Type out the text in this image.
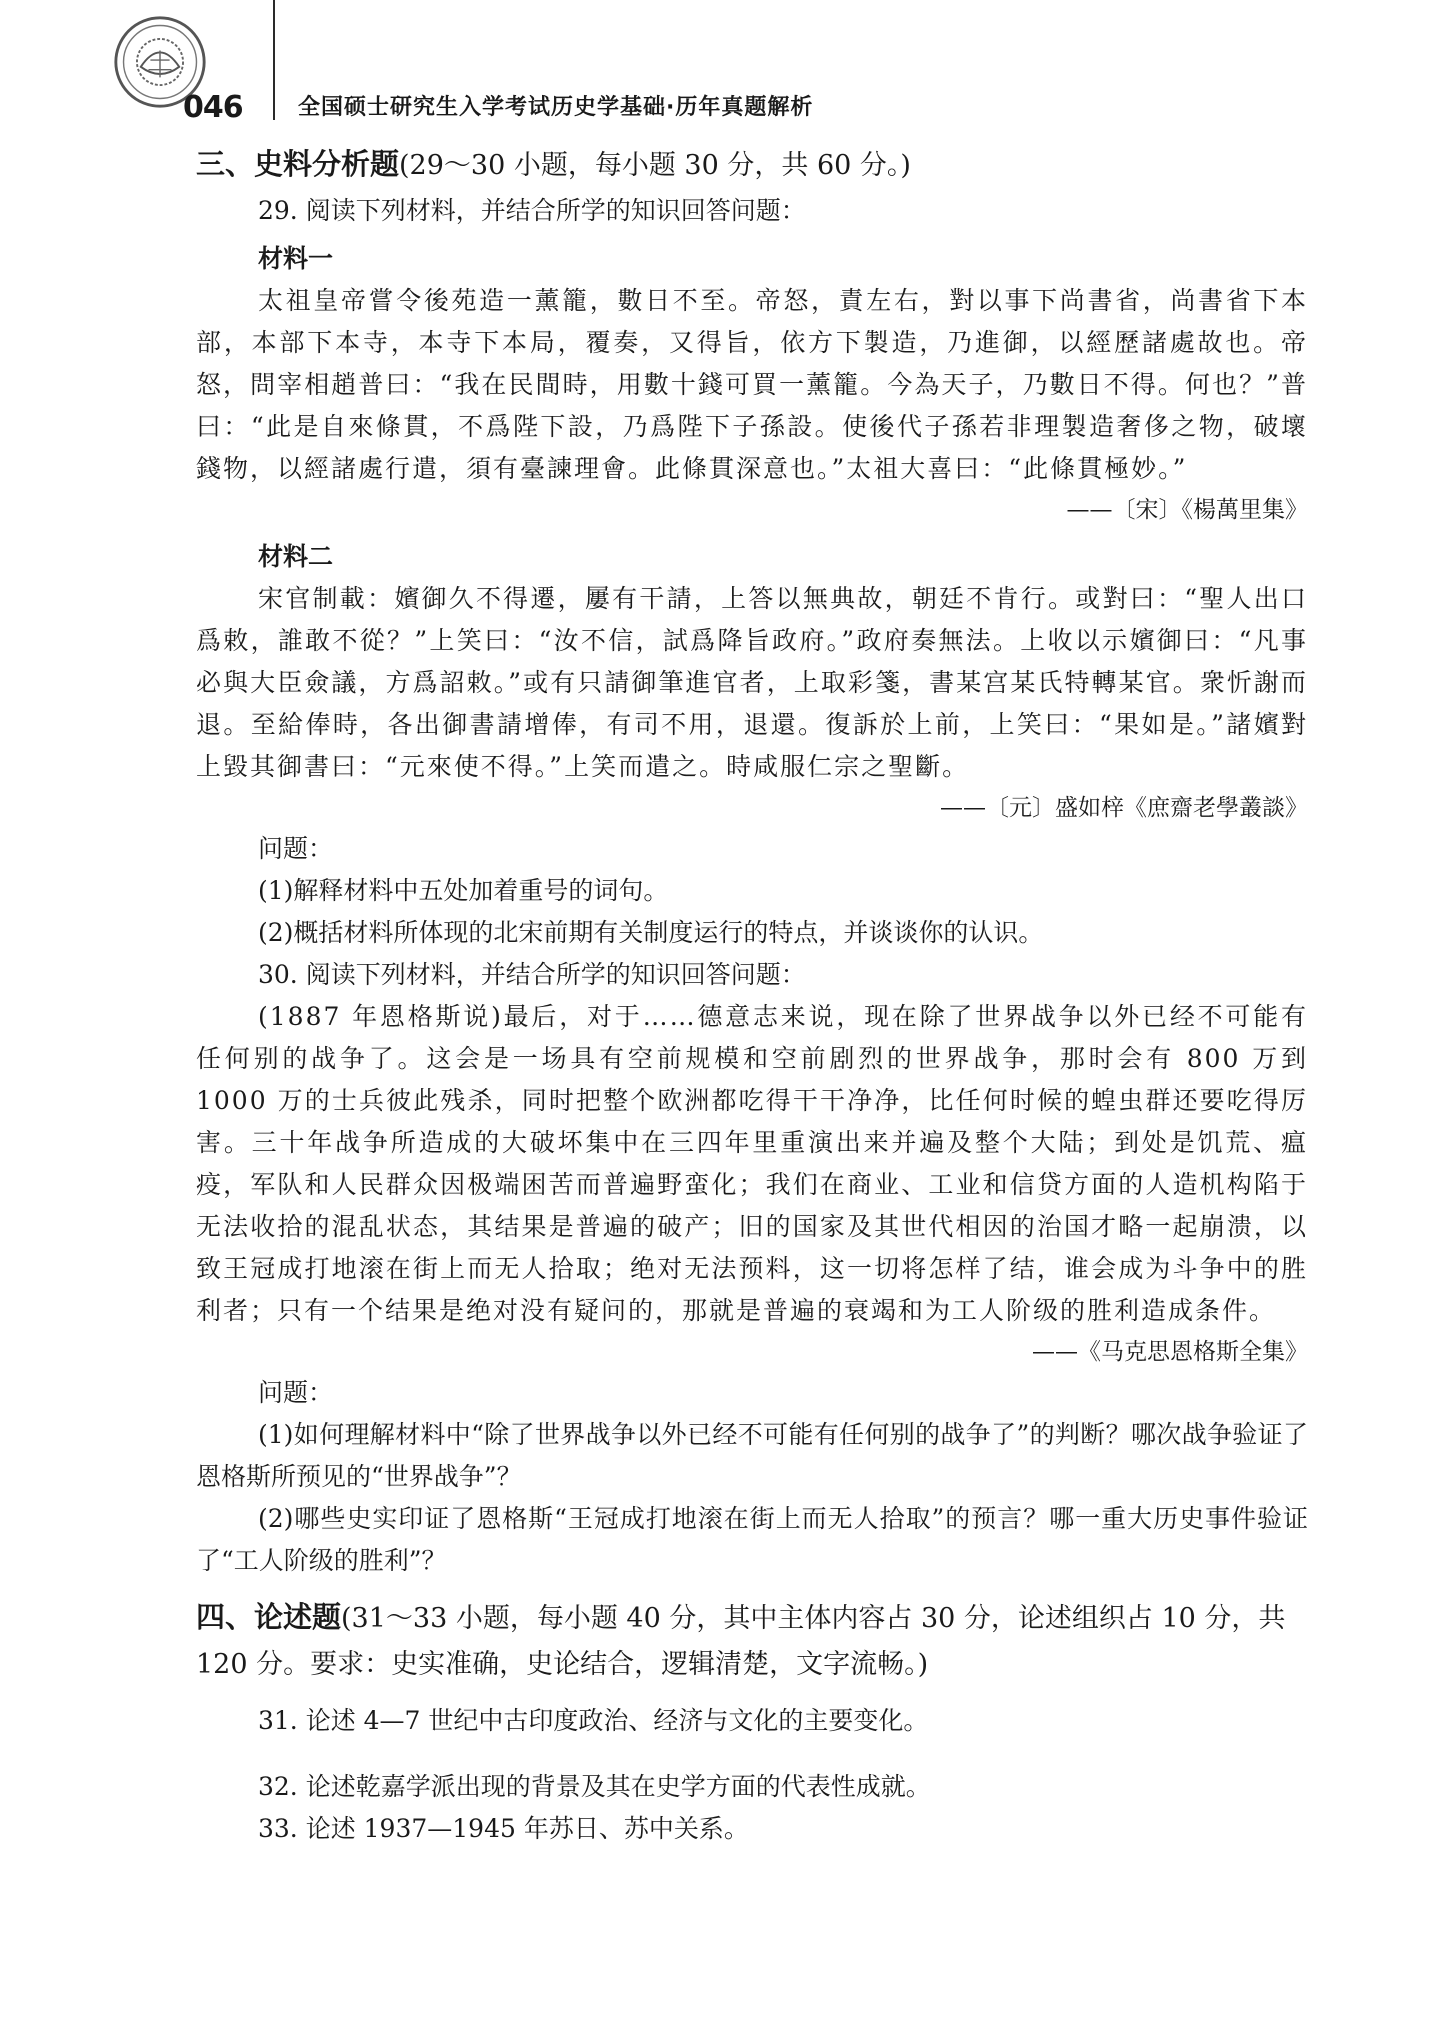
046	全国硕士研究生入学考试历史学基础·历年真题解析

三、史料分析题(29～30 小题，每小题 30 分，共 60 分。)

29. 阅读下列材料，并结合所学的知识回答问题：

材料一

太祖皇帝嘗令後苑造一薰籠，數日不至。帝怒，責左右，對以事下尚書省，尚書省下本部，本部下本寺，本寺下本局，覆奏，又得旨，依方下製造，乃進御，以經歷諸處故也。帝怒，問宰相趙普曰：“我在民間時，用數十錢可買一薰籠。今為天子，乃數日不得。何也？”普曰：“此是自來條貫，不爲陛下設，乃爲陛下子孫設。使後代子孫若非理製造奢侈之物，破壞錢物，以經諸處行遣，須有臺諫理會。此條貫深意也。”太祖大喜曰：“此條貫極妙。”

——〔宋〕《楊萬里集》

材料二

宋官制載：嬪御久不得遷，屢有干請，上答以無典故，朝廷不肯行。或對曰：“聖人出口爲敕，誰敢不從？”上笑曰：“汝不信，試爲降旨政府。”政府奏無法。上收以示嬪御曰：“凡事必與大臣僉議，方爲詔敕。”或有只請御筆進官者，上取彩箋，書某宫某氏特轉某官。衆忻謝而退。至給俸時，各出御書請增俸，有司不用，退還。復訴於上前，上笑曰：“果如是。”諸嬪對上毀其御書曰：“元來使不得。”上笑而遣之。時咸服仁宗之聖斷。

——〔元〕盛如梓《庶齋老學叢談》

问题：

(1)解释材料中五处加着重号的词句。

(2)概括材料所体现的北宋前期有关制度运行的特点，并谈谈你的认识。

30. 阅读下列材料，并结合所学的知识回答问题：

(1887 年恩格斯说)最后，对于……德意志来说，现在除了世界战争以外已经不可能有任何别的战争了。这会是一场具有空前规模和空前剧烈的世界战争，那时会有 800 万到 1000 万的士兵彼此残杀，同时把整个欧洲都吃得干干净净，比任何时候的蝗虫群还要吃得厉害。三十年战争所造成的大破坏集中在三四年里重演出来并遍及整个大陆；到处是饥荒、瘟疫，军队和人民群众因极端困苦而普遍野蛮化；我们在商业、工业和信贷方面的人造机构陷于无法收拾的混乱状态，其结果是普遍的破产；旧的国家及其世代相因的治国才略一起崩溃，以致王冠成打地滚在街上而无人拾取；绝对无法预料，这一切将怎样了结，谁会成为斗争中的胜利者；只有一个结果是绝对没有疑问的，那就是普遍的衰竭和为工人阶级的胜利造成条件。

——《马克思恩格斯全集》

问题：

(1)如何理解材料中“除了世界战争以外已经不可能有任何别的战争了”的判断？哪次战争验证了恩格斯所预见的“世界战争”？

(2)哪些史实印证了恩格斯“王冠成打地滚在街上而无人拾取”的预言？哪一重大历史事件验证了“工人阶级的胜利”？

四、论述题(31～33 小题，每小题 40 分，其中主体内容占 30 分，论述组织占 10 分，共 120 分。要求：史实准确，史论结合，逻辑清楚，文字流畅。)

31. 论述 4—7 世纪中古印度政治、经济与文化的主要变化。

32. 论述乾嘉学派出现的背景及其在史学方面的代表性成就。

33. 论述 1937—1945 年苏日、苏中关系。
